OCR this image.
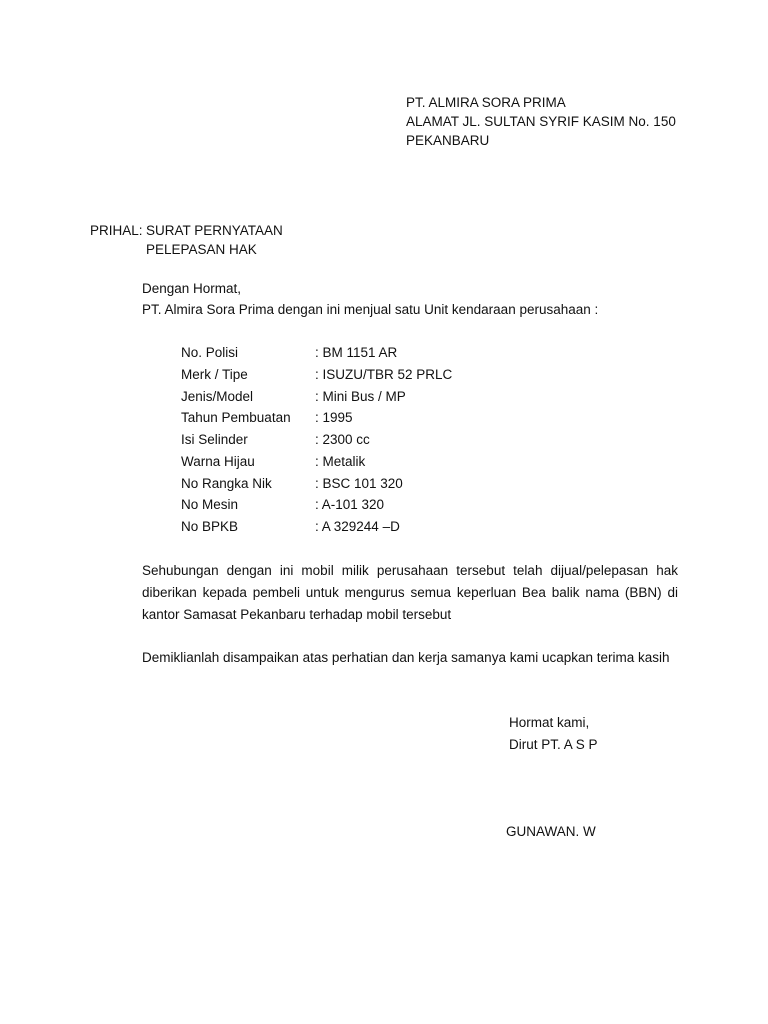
PT. ALMIRA SORA PRIMA
ALAMAT JL. SULTAN SYRIF KASIM No. 150
PEKANBARU
PRIHAL: SURAT PERNYATAAN
PELEPASAN HAK
Dengan Hormat,
PT. Almira Sora Prima dengan ini menjual satu Unit kendaraan perusahaan :
No. Polisi	: BM 1151 AR
Merk / Tipe	: ISUZU/TBR 52 PRLC
Jenis/Model	: Mini Bus / MP
Tahun Pembuatan : 1995
Isi Selinder	: 2300 cc
Warna Hijau	: Metalik
No Rangka Nik	: BSC 101 320
No Mesin	: A-101 320
No BPKB	: A 329244 –D
Sehubungan dengan ini mobil milik perusahaan tersebut telah dijual/pelepasan hak
diberikan kepada pembeli untuk mengurus semua keperluan Bea balik nama (BBN) di
kantor Samasat Pekanbaru terhadap mobil tersebut
Demiklianlah disampaikan atas perhatian dan kerja samanya kami ucapkan terima kasih
Hormat kami,
Dirut PT. A S P
GUNAWAN. W
